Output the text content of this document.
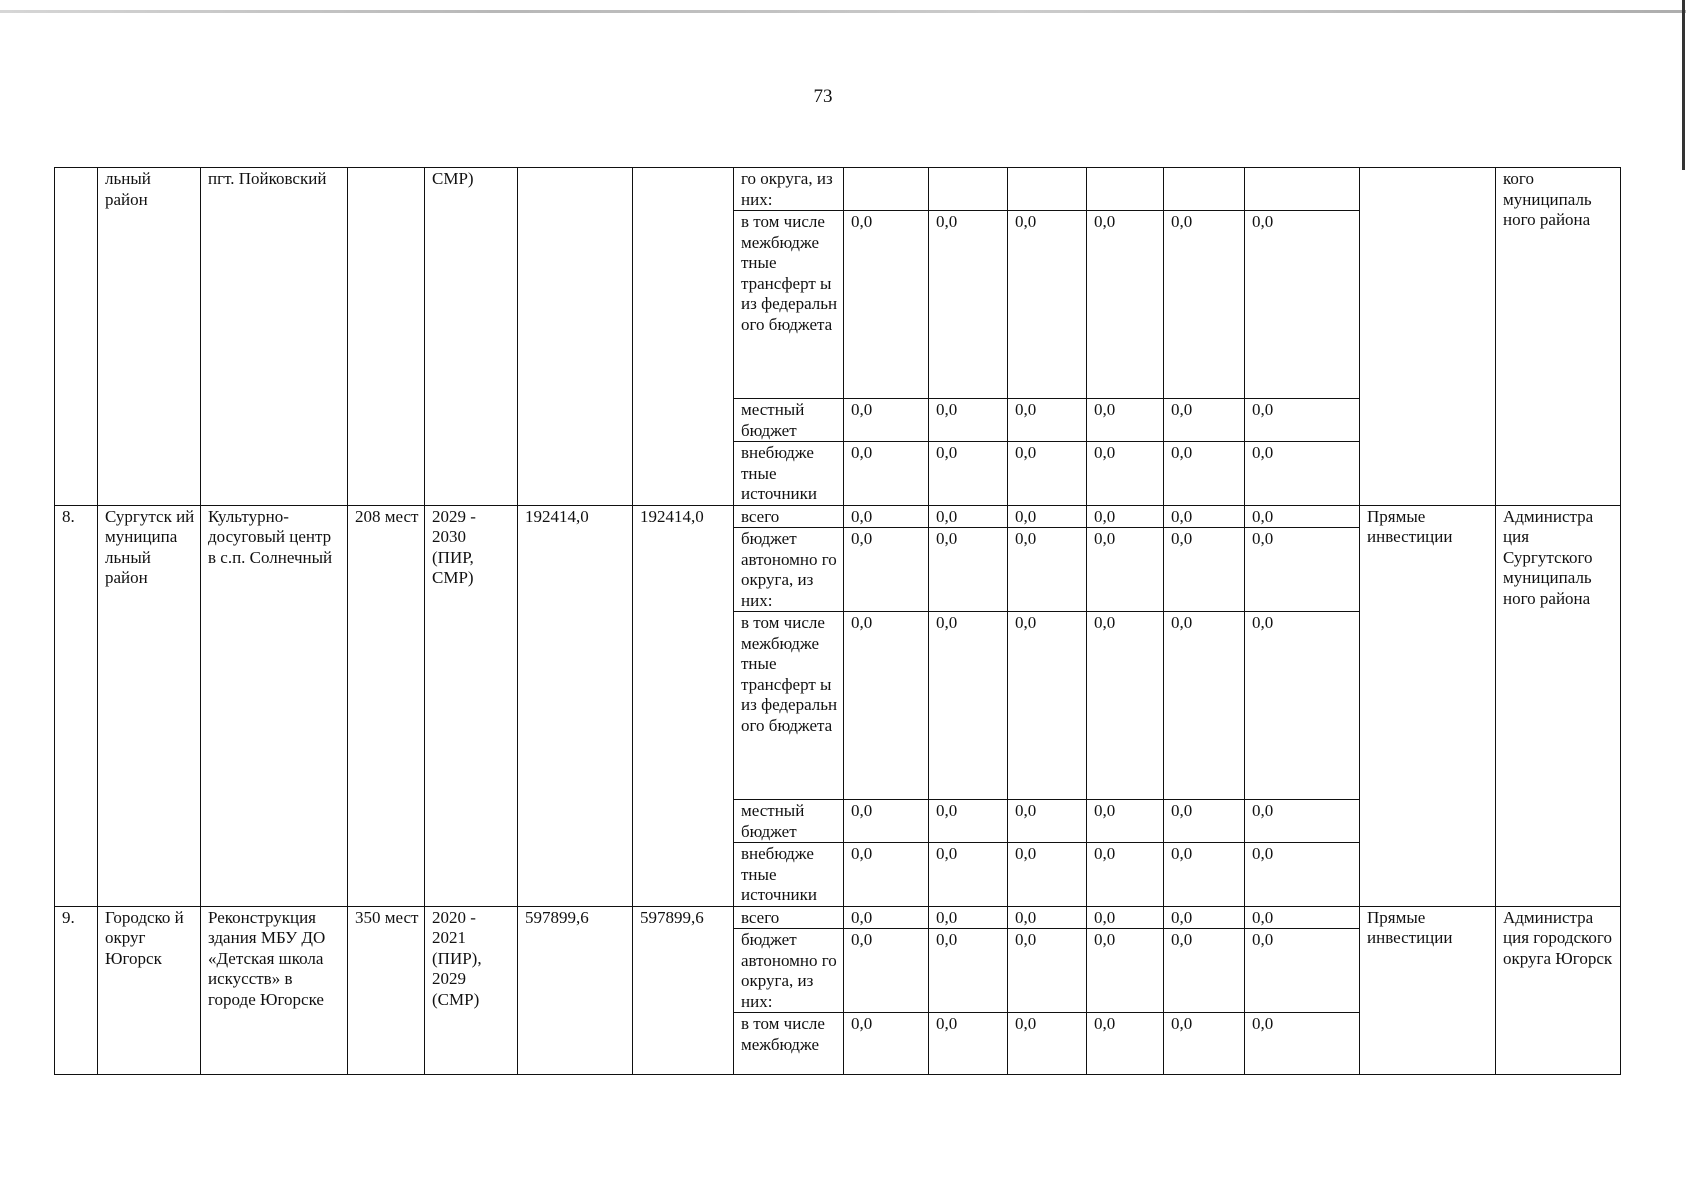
73
	льный район	пгт. Пойковский		СМР)			го округа, из них:								кого муниципаль ного района
							в том числе межбюдже тные трансферт ы из федеральн ого бюджета	0,0	0,0	0,0	0,0	0,0	0,0		
							местный бюджет	0,0	0,0	0,0	0,0	0,0	0,0		
							внебюдже тные источники	0,0	0,0	0,0	0,0	0,0	0,0		
8.	Сургутск ий муниципа льный район	Культурно- досуговый центр в с.п. Солнечный	208 мест	2029 - 2030 (ПИР, СМР)	192414,0	192414,0	всего	0,0	0,0	0,0	0,0	0,0	0,0	Прямые инвестиции	Администра ция Сургутского муниципаль ного района
							бюджет автономно го округа, из них:	0,0	0,0	0,0	0,0	0,0	0,0		
							в том числе межбюдже тные трансферт ы из федеральн ого бюджета	0,0	0,0	0,0	0,0	0,0	0,0		
							местный бюджет	0,0	0,0	0,0	0,0	0,0	0,0		
							внебюдже тные источники	0,0	0,0	0,0	0,0	0,0	0,0		
9.	Городско й округ Югорск	Реконструкция здания МБУ ДО «Детская школа искусств» в городе Югорске	350 мест	2020 - 2021 (ПИР), 2029 (СМР)	597899,6	597899,6	всего	0,0	0,0	0,0	0,0	0,0	0,0	Прямые инвестиции	Администра ция городского округа Югорск
							бюджет автономно го округа, из них:	0,0	0,0	0,0	0,0	0,0	0,0		
							в том числе межбюдже	0,0	0,0	0,0	0,0	0,0	0,0		
